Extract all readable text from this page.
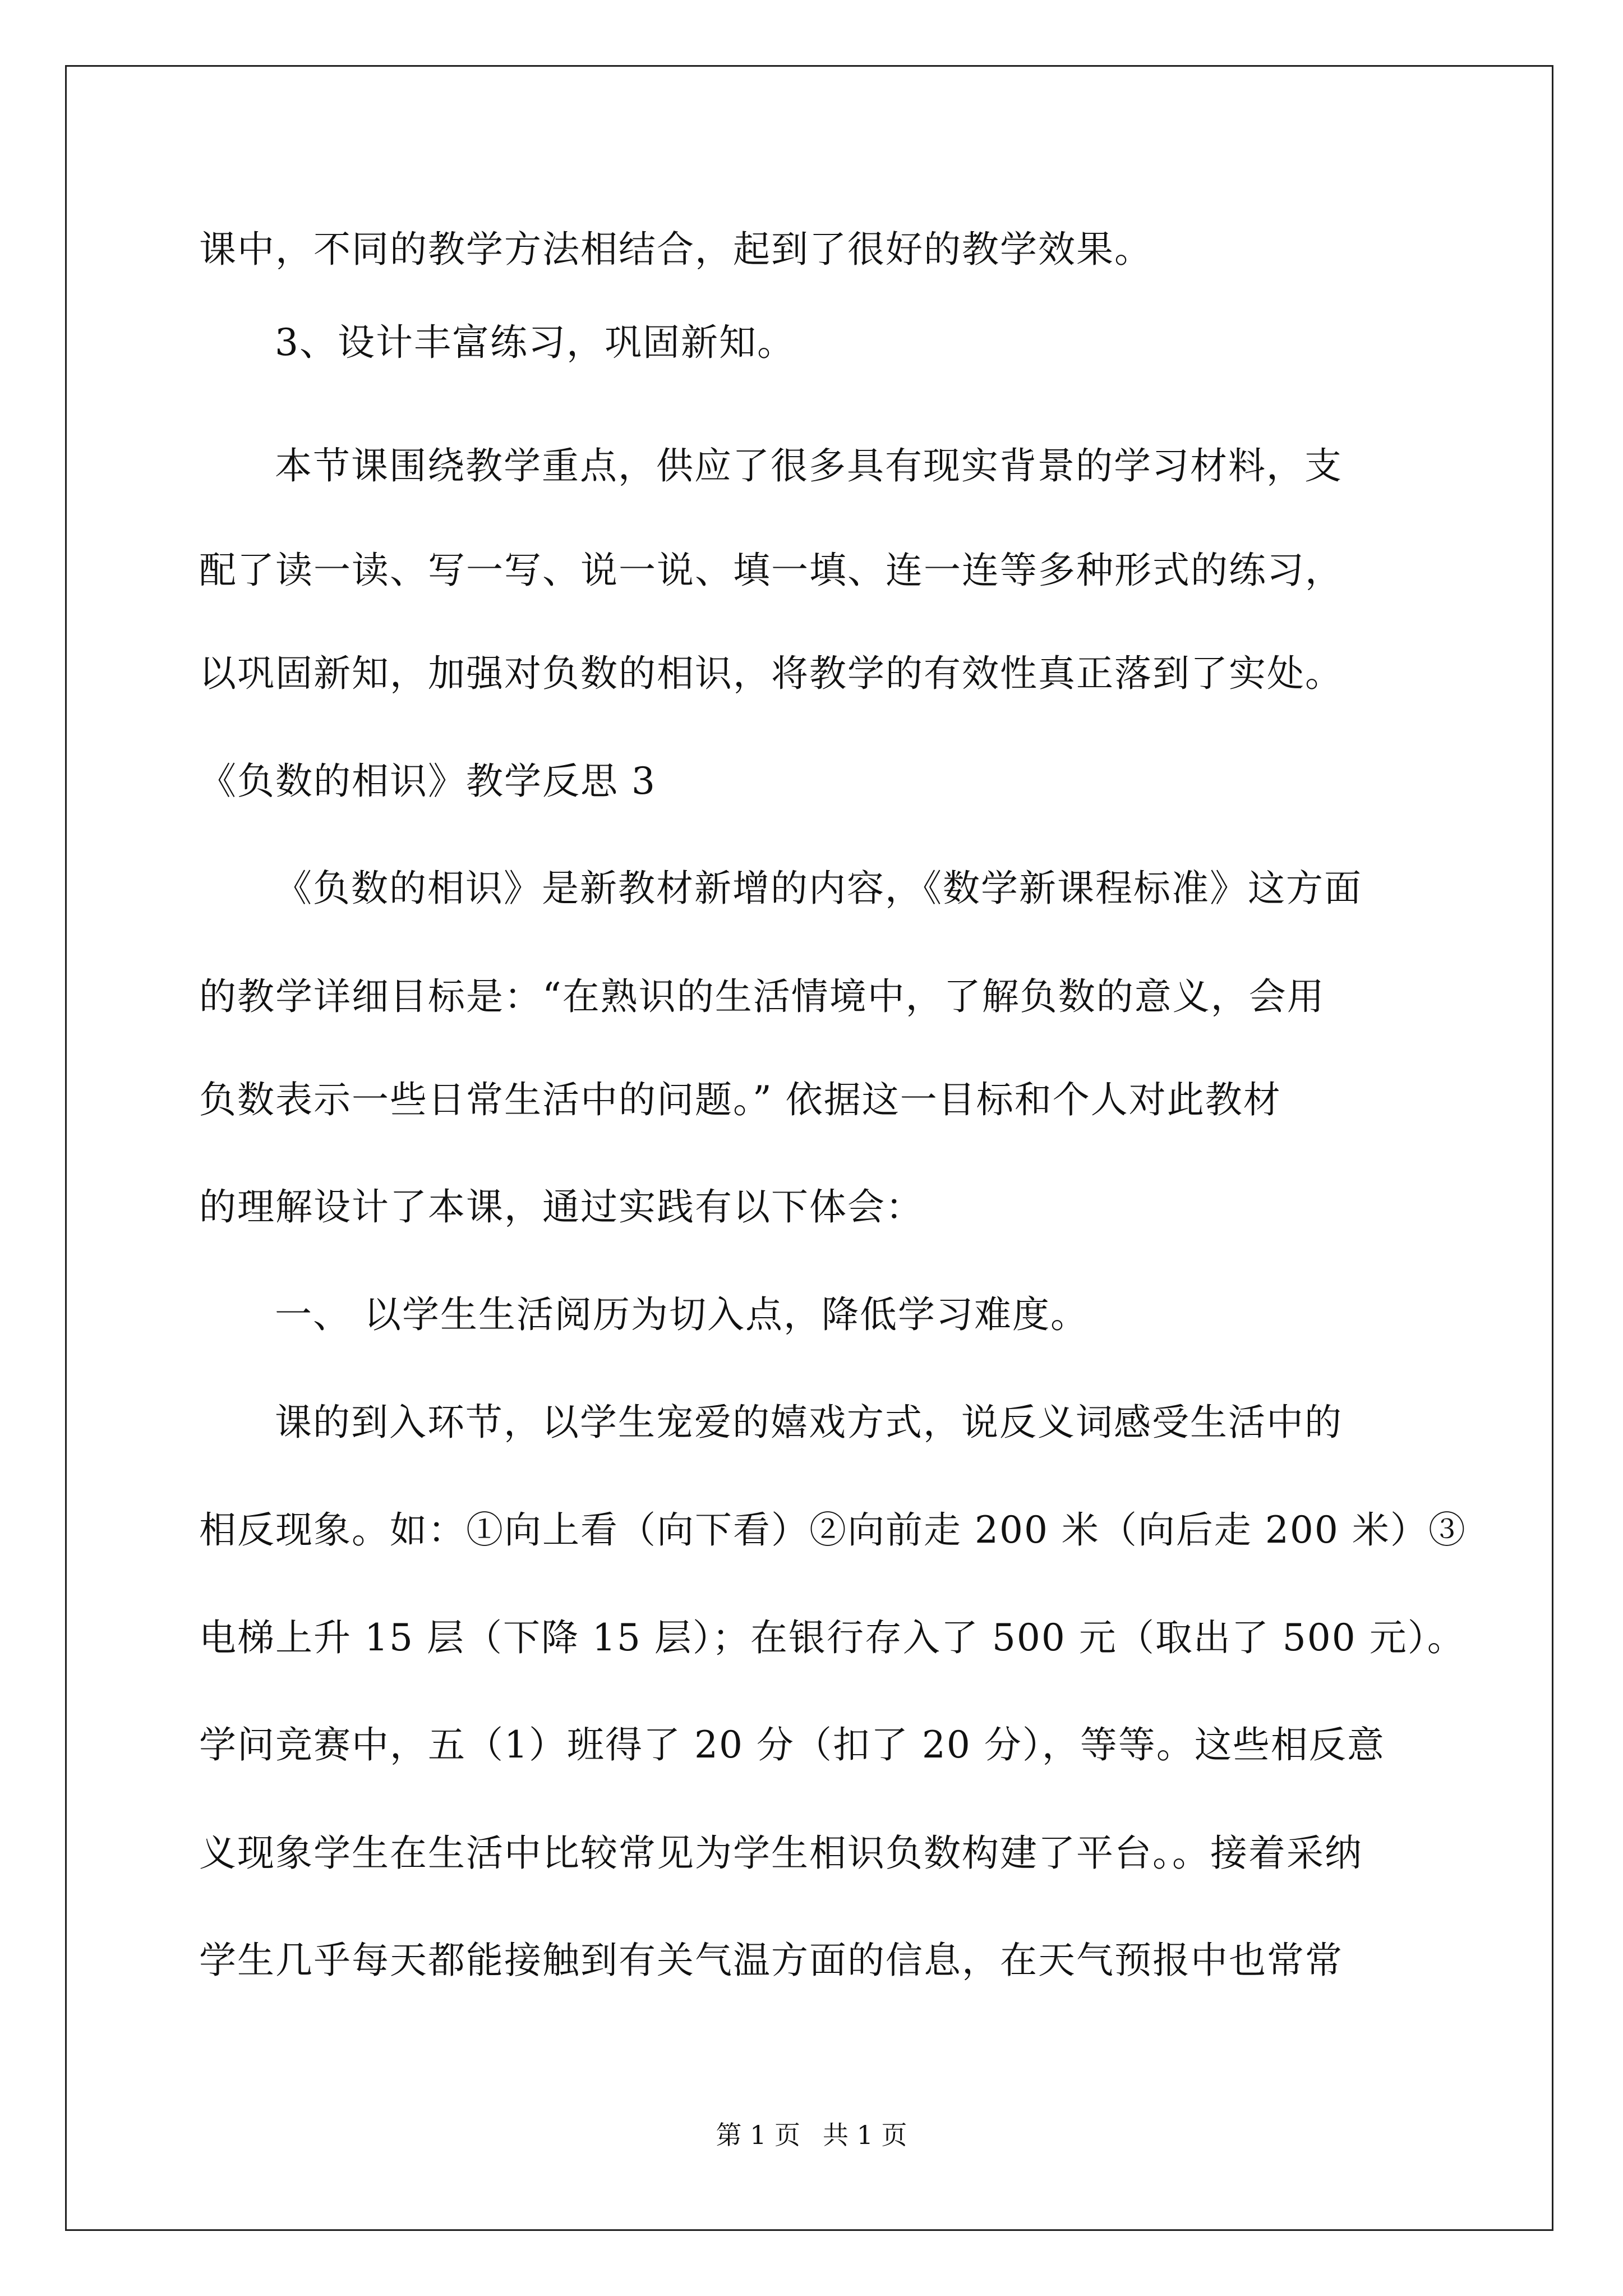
课中，不同的教学方法相结合，起到了很好的教学效果。
3、设计丰富练习，巩固新知。
本节课围绕教学重点，供应了很多具有现实背景的学习材料，支
配了读一读、写一写、说一说、填一填、连一连等多种形式的练习，
以巩固新知，加强对负数的相识，将教学的有效性真正落到了实处。
《负数的相识》教学反思 3
《负数的相识》是新教材新增的内容，《数学新课程标准》这方面
的教学详细目标是：“在熟识的生活情境中，了解负数的意义，会用
负数表示一些日常生活中的问题。” 依据这一目标和个人对此教材
的理解设计了本课，通过实践有以下体会：
一、 以学生生活阅历为切入点，降低学习难度。
课的到入环节，以学生宠爱的嬉戏方式，说反义词感受生活中的
相反现象。如：①向上看（向下看）②向前走 200 米（向后走 200 米）③
电梯上升 15 层（下降 15 层）；在银行存入了 500 元（取出了 500 元）。
学问竞赛中，五（1）班得了 20 分（扣了 20 分），等等。这些相反意
义现象学生在生活中比较常见为学生相识负数构建了平台。。接着采纳
学生几乎每天都能接触到有关气温方面的信息，在天气预报中也常常
第 1 页 共 1 页
